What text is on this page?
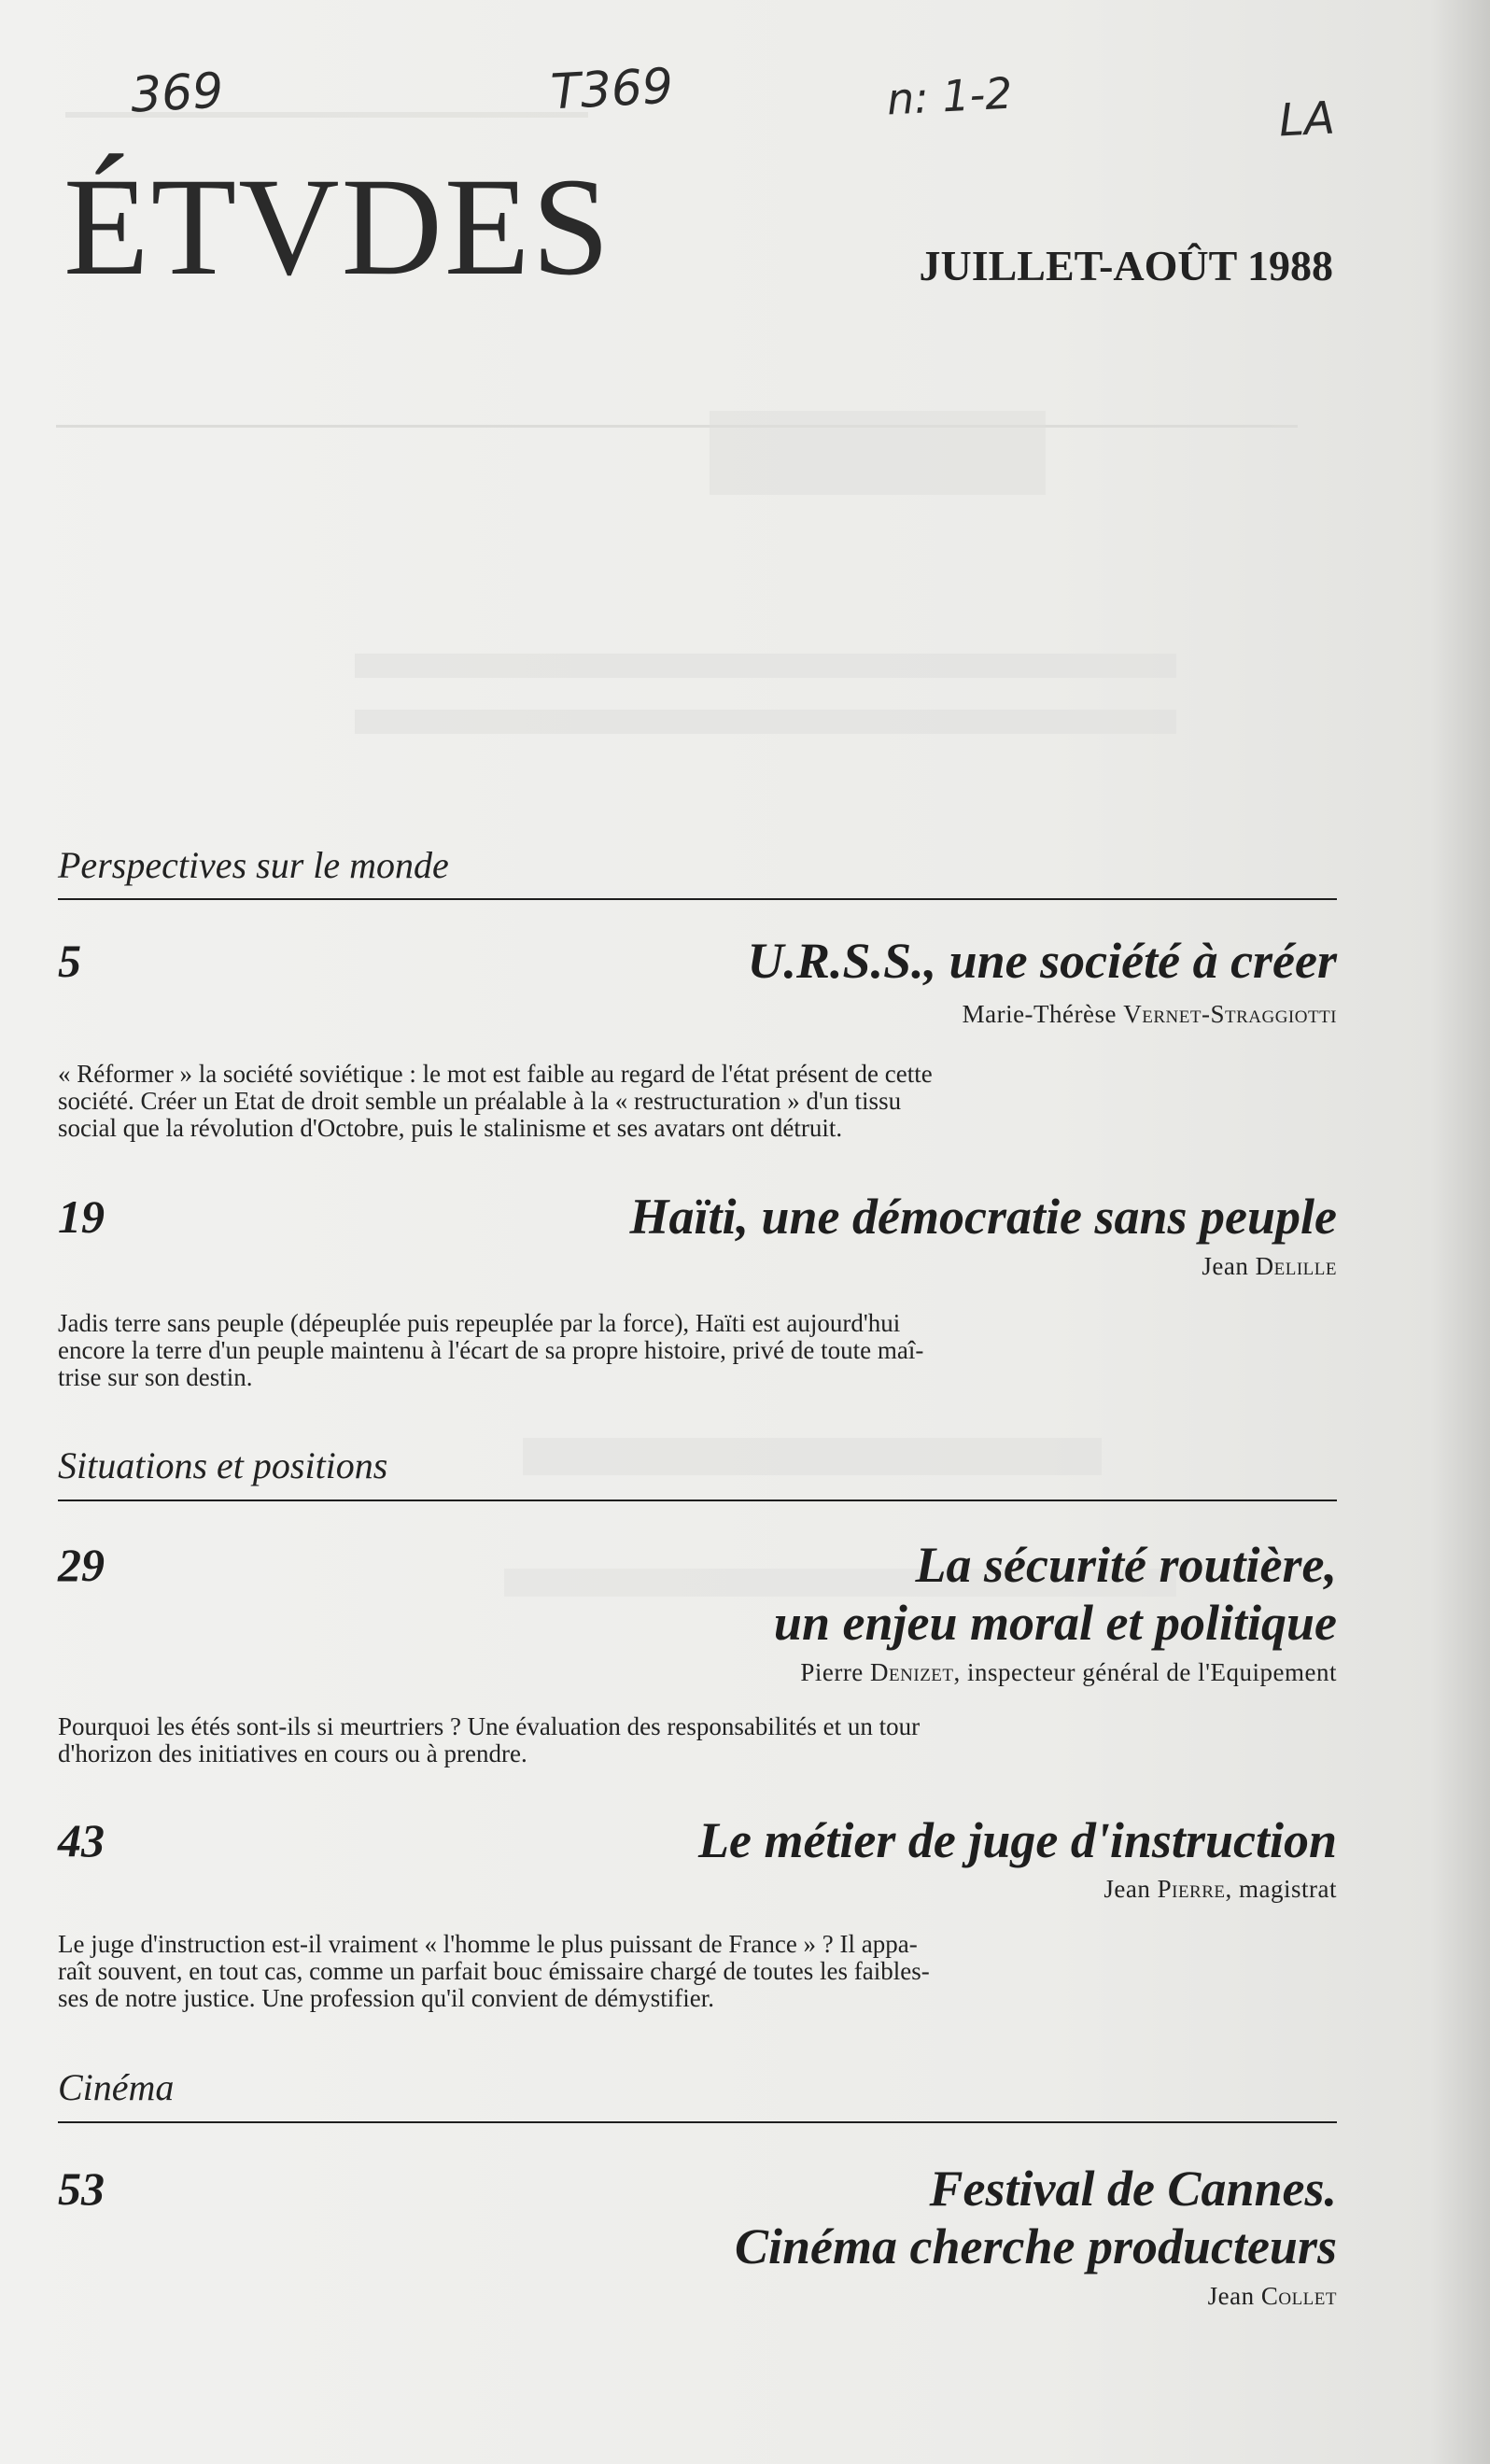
369	T369	n: 1-2	LA
ÉTVDES	JUILLET-AOÛT 1988
Perspectives sur le monde
5	U.R.S.S., une société à créer
Marie-Thérèse Vernet-Straggiotti
« Réformer » la société soviétique : le mot est faible au regard de l'état présent de cette
société. Créer un Etat de droit semble un préalable à la « restructuration » d'un tissu
social que la révolution d'Octobre, puis le stalinisme et ses avatars ont détruit.
19	Haïti, une démocratie sans peuple
Jean Delille
Jadis terre sans peuple (dépeuplée puis repeuplée par la force), Haïti est aujourd'hui
encore la terre d'un peuple maintenu à l'écart de sa propre histoire, privé de toute maî-
trise sur son destin.
Situations et positions
29	La sécurité routière,
un enjeu moral et politique
Pierre Denizet, inspecteur général de l'Equipement
Pourquoi les étés sont-ils si meurtriers ? Une évaluation des responsabilités et un tour
d'horizon des initiatives en cours ou à prendre.
43	Le métier de juge d'instruction
Jean Pierre, magistrat
Le juge d'instruction est-il vraiment « l'homme le plus puissant de France » ? Il appa-
raît souvent, en tout cas, comme un parfait bouc émissaire chargé de toutes les faibles-
ses de notre justice. Une profession qu'il convient de démystifier.
Cinéma
53	Festival de Cannes.
Cinéma cherche producteurs
Jean Collet
